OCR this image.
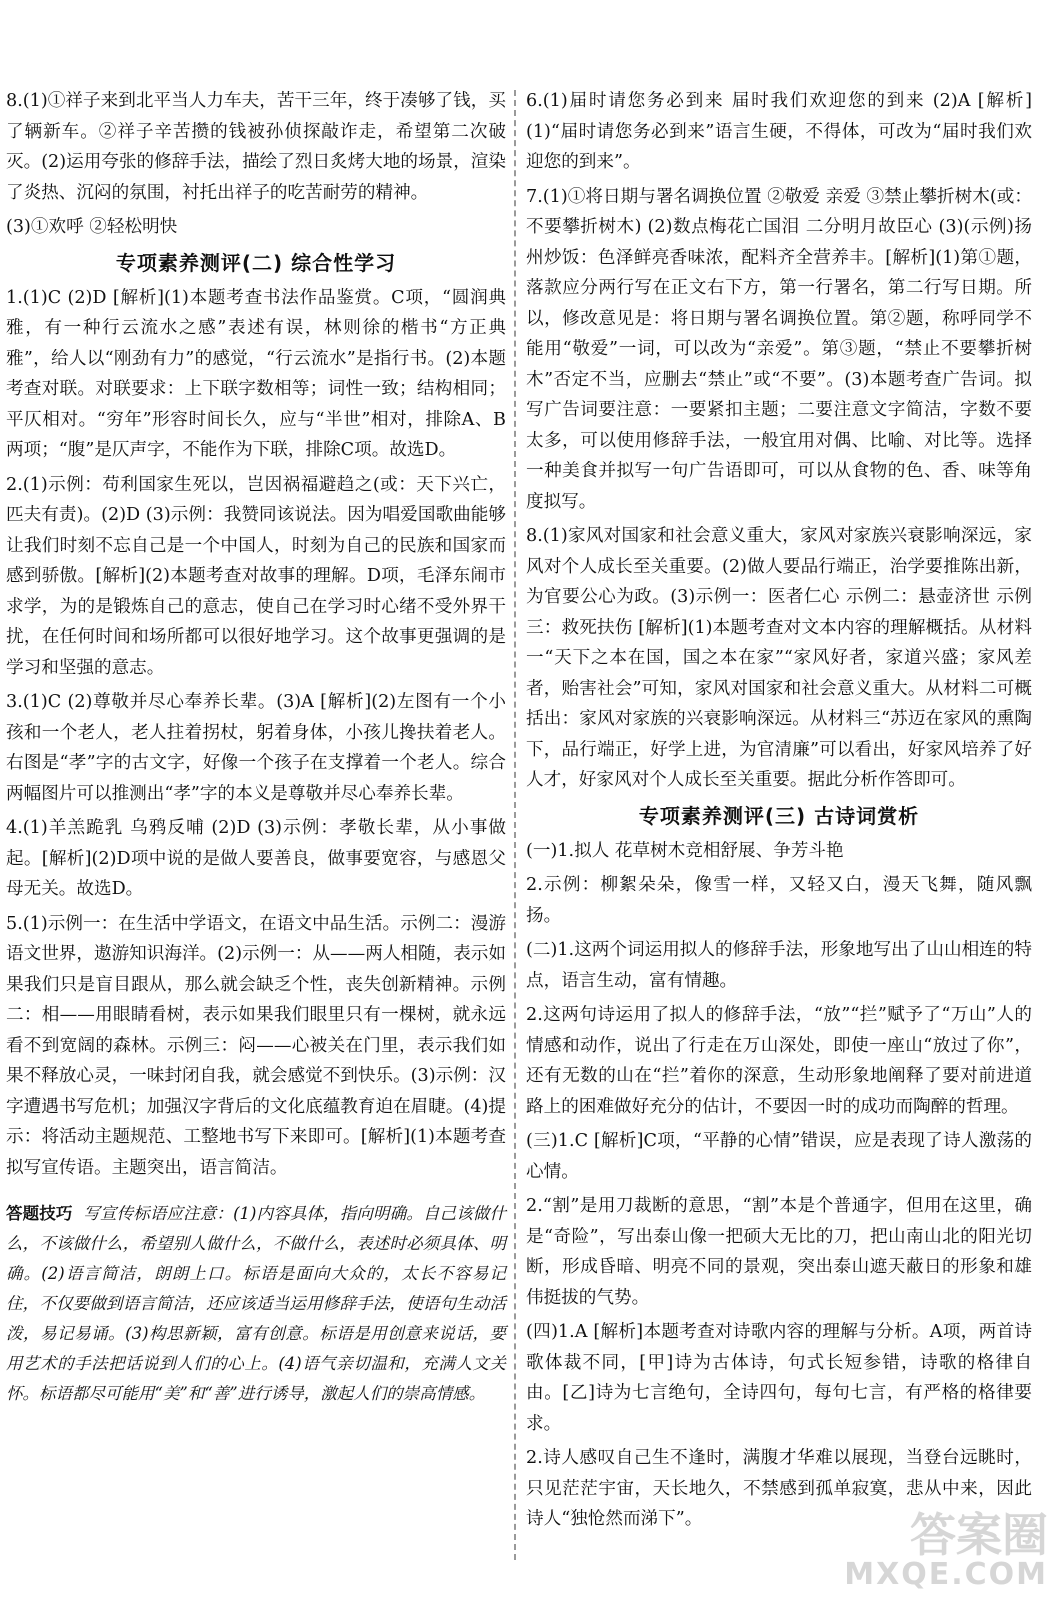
8.(1)①祥子来到北平当人力车夫，苦干三年，终于凑够了钱，买了辆新车。②祥子辛苦攒的钱被孙侦探敲诈走，希望第二次破灭。(2)运用夸张的修辞手法，描绘了烈日炙烤大地的场景，渲染了炎热、沉闷的氛围，衬托出祥子的吃苦耐劳的精神。

(3)①欢呼 ②轻松明快

专项素养测评(二) 综合性学习

1.(1)C (2)D [解析](1)本题考查书法作品鉴赏。C项，“圆润典雅，有一种行云流水之感”表述有误，林则徐的楷书“方正典雅”，给人以“刚劲有力”的感觉，“行云流水”是指行书。(2)本题考查对联。对联要求：上下联字数相等；词性一致；结构相同；平仄相对。“穷年”形容时间长久，应与“半世”相对，排除A、B两项；“腹”是仄声字，不能作为下联，排除C项。故选D。

2.(1)示例：苟利国家生死以，岂因祸福避趋之(或：天下兴亡，匹夫有责)。(2)D (3)示例：我赞同该说法。因为唱爱国歌曲能够让我们时刻不忘自己是一个中国人，时刻为自己的民族和国家而感到骄傲。[解析](2)本题考查对故事的理解。D项，毛泽东闹市求学，为的是锻炼自己的意志，使自己在学习时心绪不受外界干扰，在任何时间和场所都可以很好地学习。这个故事更强调的是学习和坚强的意志。

3.(1)C (2)尊敬并尽心奉养长辈。(3)A [解析](2)左图有一个小孩和一个老人，老人拄着拐杖，躬着身体，小孩儿搀扶着老人。右图是“孝”字的古文字，好像一个孩子在支撑着一个老人。综合两幅图片可以推测出“孝”字的本义是尊敬并尽心奉养长辈。

4.(1)羊羔跪乳 乌鸦反哺 (2)D (3)示例：孝敬长辈，从小事做起。[解析](2)D项中说的是做人要善良，做事要宽容，与感恩父母无关。故选D。

5.(1)示例一：在生活中学语文，在语文中品生活。示例二：漫游语文世界，遨游知识海洋。(2)示例一：从——两人相随，表示如果我们只是盲目跟从，那么就会缺乏个性，丧失创新精神。示例二：相——用眼睛看树，表示如果我们眼里只有一棵树，就永远看不到宽阔的森林。示例三：闷——心被关在门里，表示我们如果不释放心灵，一味封闭自我，就会感觉不到快乐。(3)示例：汉字遭遇书写危机；加强汉字背后的文化底蕴教育迫在眉睫。(4)提示：将活动主题规范、工整地书写下来即可。[解析](1)本题考查拟写宣传语。主题突出，语言简洁。

答题技巧 写宣传标语应注意：(1)内容具体，指向明确。自己该做什么，不该做什么，希望别人做什么，不做什么，表述时必须具体、明确。(2)语言简洁，朗朗上口。标语是面向大众的，太长不容易记住，不仅要做到语言简洁，还应该适当运用修辞手法，使语句生动活泼，易记易诵。(3)构思新颖，富有创意。标语是用创意来说话，要用艺术的手法把话说到人们的心上。(4)语气亲切温和，充满人文关怀。标语都尽可能用“美”和“善”进行诱导，激起人们的崇高情感。

6.(1)届时请您务必到来 届时我们欢迎您的到来 (2)A [解析](1)“届时请您务必到来”语言生硬，不得体，可改为“届时我们欢迎您的到来”。

7.(1)①将日期与署名调换位置 ②敬爱 亲爱 ③禁止攀折树木(或：不要攀折树木) (2)数点梅花亡国泪 二分明月故臣心 (3)(示例)扬州炒饭：色泽鲜亮香味浓，配料齐全营养丰。[解析](1)第①题，落款应分两行写在正文右下方，第一行署名，第二行写日期。所以，修改意见是：将日期与署名调换位置。第②题，称呼同学不能用“敬爱”一词，可以改为“亲爱”。第③题，“禁止不要攀折树木”否定不当，应删去“禁止”或“不要”。(3)本题考查广告词。拟写广告词要注意：一要紧扣主题；二要注意文字简洁，字数不要太多，可以使用修辞手法，一般宜用对偶、比喻、对比等。选择一种美食并拟写一句广告语即可，可以从食物的色、香、味等角度拟写。

8.(1)家风对国家和社会意义重大，家风对家族兴衰影响深远，家风对个人成长至关重要。(2)做人要品行端正，治学要推陈出新，为官要公心为政。(3)示例一：医者仁心 示例二：悬壶济世 示例三：救死扶伤 [解析](1)本题考查对文本内容的理解概括。从材料一“天下之本在国，国之本在家”“家风好者，家道兴盛；家风差者，贻害社会”可知，家风对国家和社会意义重大。从材料二可概括出：家风对家族的兴衰影响深远。从材料三“苏迈在家风的熏陶下，品行端正，好学上进，为官清廉”可以看出，好家风培养了好人才，好家风对个人成长至关重要。据此分析作答即可。

专项素养测评(三) 古诗词赏析

(一)1.拟人 花草树木竞相舒展、争芳斗艳

2.示例：柳絮朵朵，像雪一样，又轻又白，漫天飞舞，随风飘扬。

(二)1.这两个词运用拟人的修辞手法，形象地写出了山山相连的特点，语言生动，富有情趣。

2.这两句诗运用了拟人的修辞手法，“放”“拦”赋予了“万山”人的情感和动作，说出了行走在万山深处，即使一座山“放过了你”，还有无数的山在“拦”着你的深意，生动形象地阐释了要对前进道路上的困难做好充分的估计，不要因一时的成功而陶醉的哲理。

(三)1.C [解析]C项，“平静的心情”错误，应是表现了诗人激荡的心情。

2.“割”是用刀裁断的意思，“割”本是个普通字，但用在这里，确是“奇险”，写出泰山像一把硕大无比的刀，把山南山北的阳光切断，形成昏暗、明亮不同的景观，突出泰山遮天蔽日的形象和雄伟挺拔的气势。

(四)1.A [解析]本题考查对诗歌内容的理解与分析。A项，两首诗歌体裁不同，[甲]诗为古体诗，句式长短参错，诗歌的格律自由。[乙]诗为七言绝句，全诗四句，每句七言，有严格的格律要求。

2.诗人感叹自己生不逢时，满腹才华难以展现，当登台远眺时，只见茫茫宇宙，天长地久，不禁感到孤单寂寞，悲从中来，因此诗人“独怆然而涕下”。	答案圈
MXQE.COM
